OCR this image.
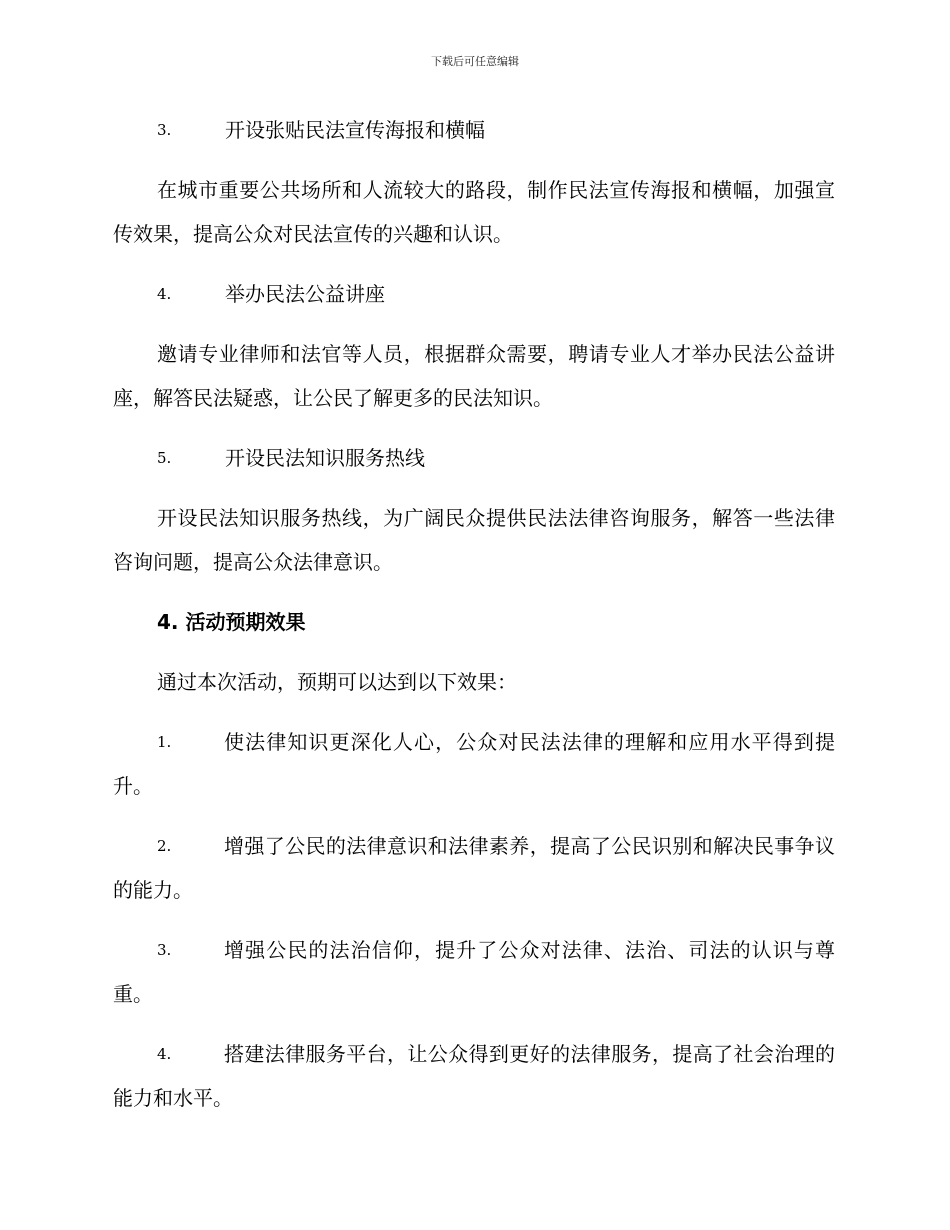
下载后可任意编辑
3.	开设张贴民法宣传海报和横幅

在城市重要公共场所和人流较大的路段，制作民法宣传海报和横幅，加强宣传效果，提高公众对民法宣传的兴趣和认识。

4.	举办民法公益讲座

邀请专业律师和法官等人员，根据群众需要，聘请专业人才举办民法公益讲座，解答民法疑惑，让公民了解更多的民法知识。

5.	开设民法知识服务热线

开设民法知识服务热线，为广阔民众提供民法法律咨询服务，解答一些法律咨询问题，提高公众法律意识。

4. 活动预期效果

通过本次活动，预期可以达到以下效果：

1.	使法律知识更深化人心，公众对民法法律的理解和应用水平得到提升。
2.	增强了公民的法律意识和法律素养，提高了公民识别和解决民事争议的能力。
3.	增强公民的法治信仰，提升了公众对法律、法治、司法的认识与尊重。
4.	搭建法律服务平台，让公众得到更好的法律服务，提高了社会治理的能力和水平。
